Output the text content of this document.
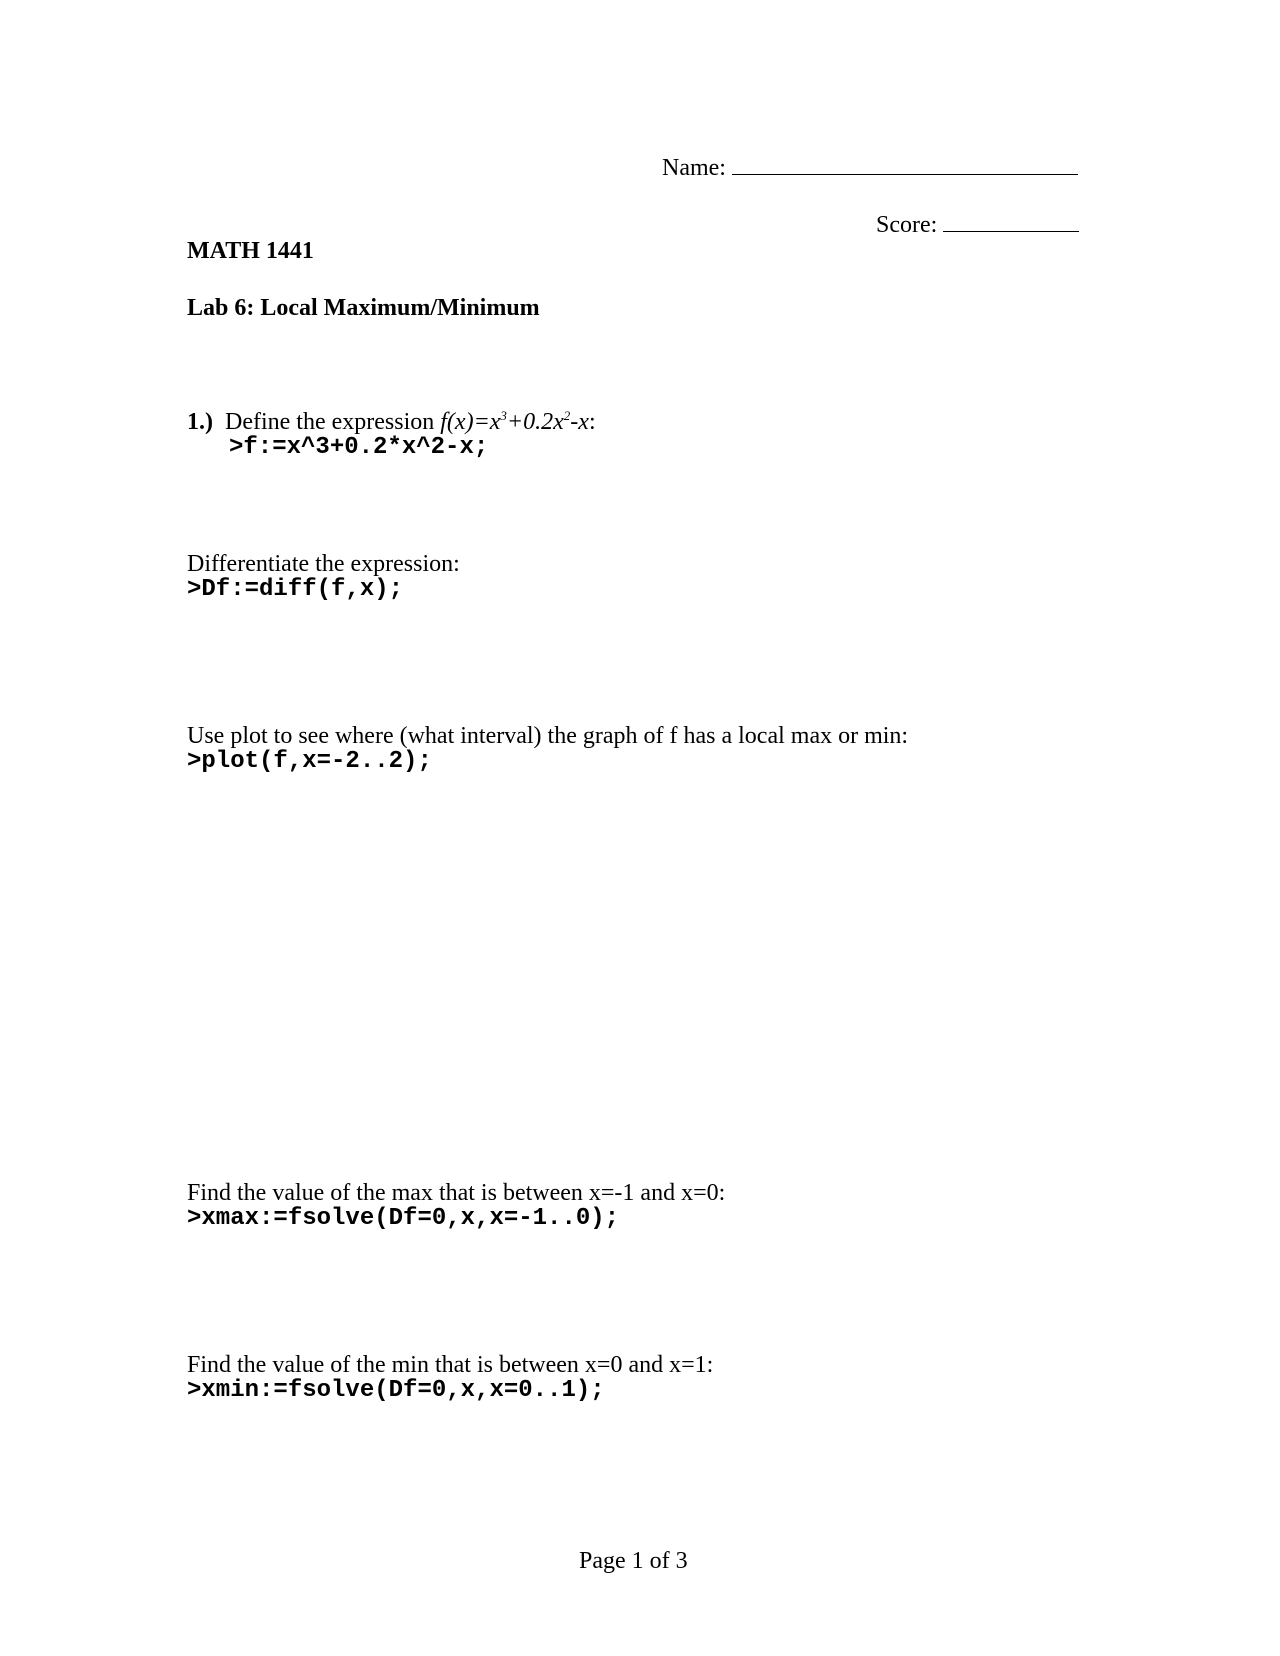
Name:
Score:
MATH 1441
Lab 6: Local Maximum/Minimum
1.) Define the expression $f(x)=x^3+0.2x^2-x$:
>f:=x^3+0.2*x^2-x;
Differentiate the expression:
>Df:=diff(f,x);
Use plot to see where (what interval) the graph of f has a local max or min:
>plot(f,x=-2..2);
Find the value of the max that is between x=-1 and x=0:
>xmax:=fsolve(Df=0,x,x=-1..0);
Find the value of the min that is between x=0 and x=1:
>xmin:=fsolve(Df=0,x,x=0..1);
Page 1 of 3
